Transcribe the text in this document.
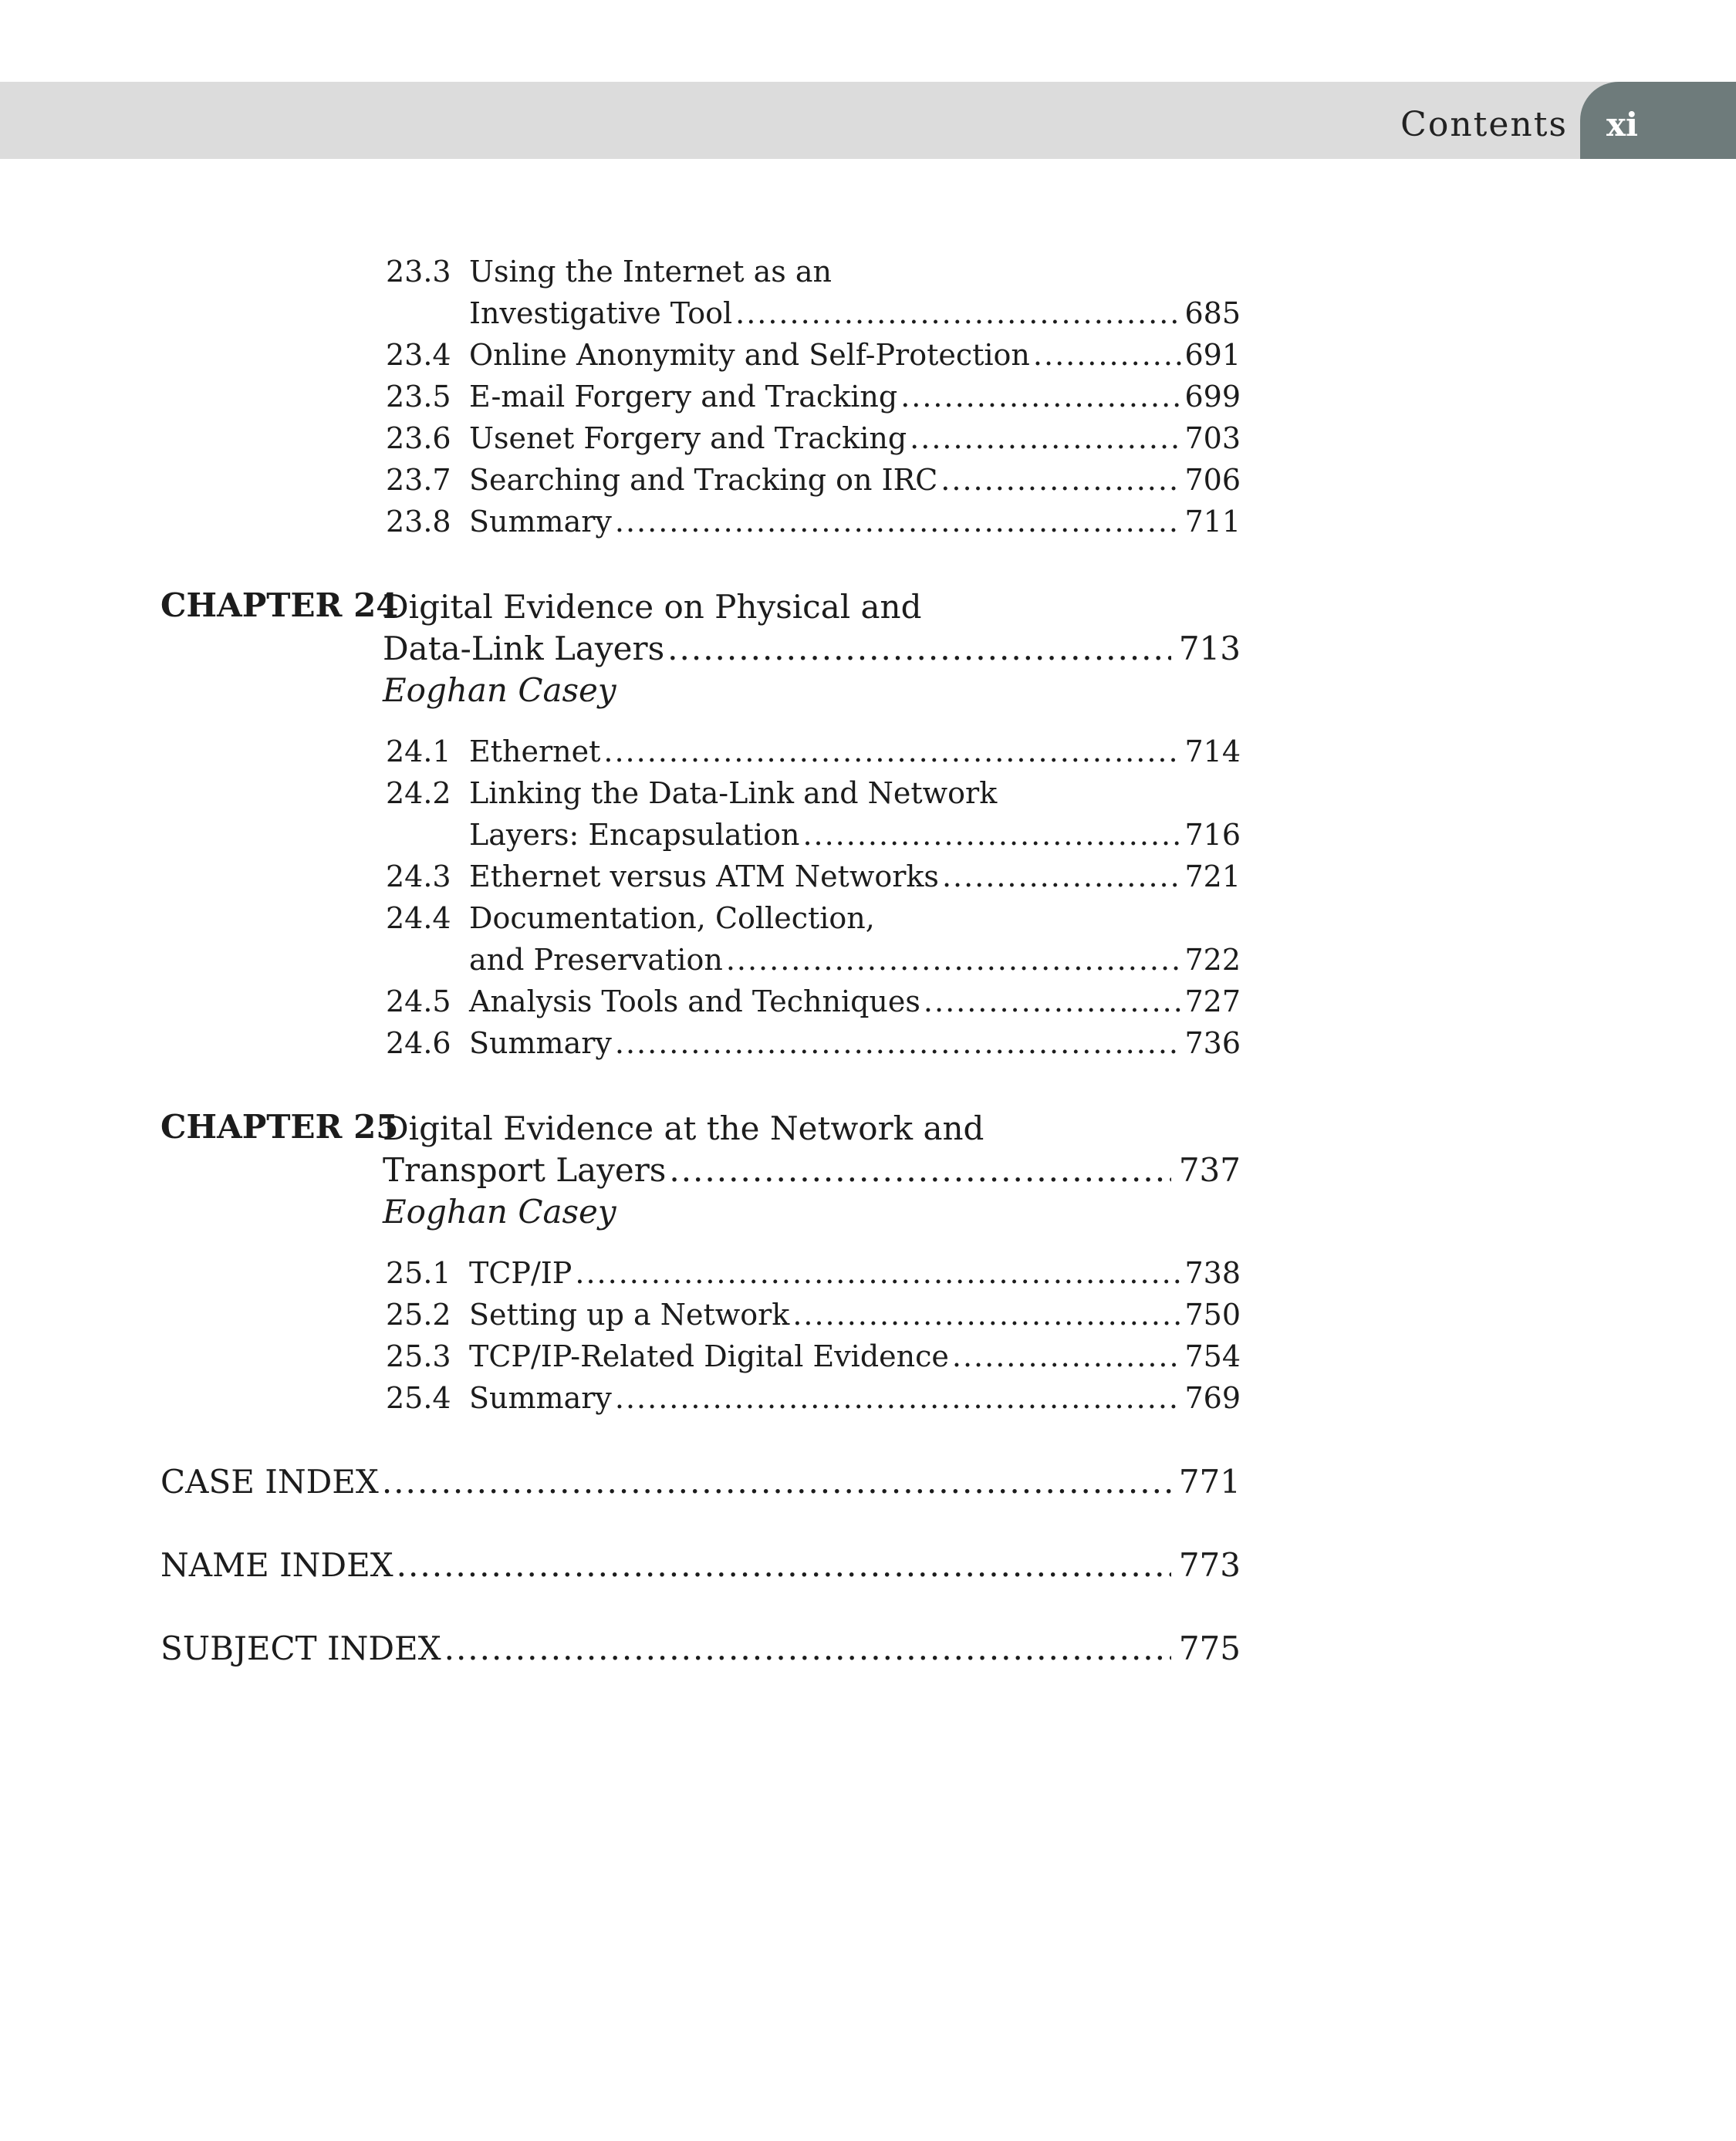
Contents	xi
23.3 Using the Internet as an
Investigative Tool .....	685
23.4 Online Anonymity and Self-Protection .....	691
23.5 E-mail Forgery and Tracking .....	699
23.6 Usenet Forgery and Tracking .....	703
23.7 Searching and Tracking on IRC .....	706
23.8 Summary .....	711
CHAPTER 24
Digital Evidence on Physical and
Data-Link Layers .....	713
Eoghan Casey
24.1 Ethernet .....	714
24.2 Linking the Data-Link and Network
Layers: Encapsulation .....	716
24.3 Ethernet versus ATM Networks .....	721
24.4 Documentation, Collection,
and Preservation .....	722
24.5 Analysis Tools and Techniques .....	727
24.6 Summary .....	736
CHAPTER 25
Digital Evidence at the Network and
Transport Layers .....	737
Eoghan Casey
25.1 TCP/IP .....	738
25.2 Setting up a Network .....	750
25.3 TCP/IP-Related Digital Evidence .....	754
25.4 Summary .....	769
CASE INDEX .....	771
NAME INDEX .....	773
SUBJECT INDEX .....	775
